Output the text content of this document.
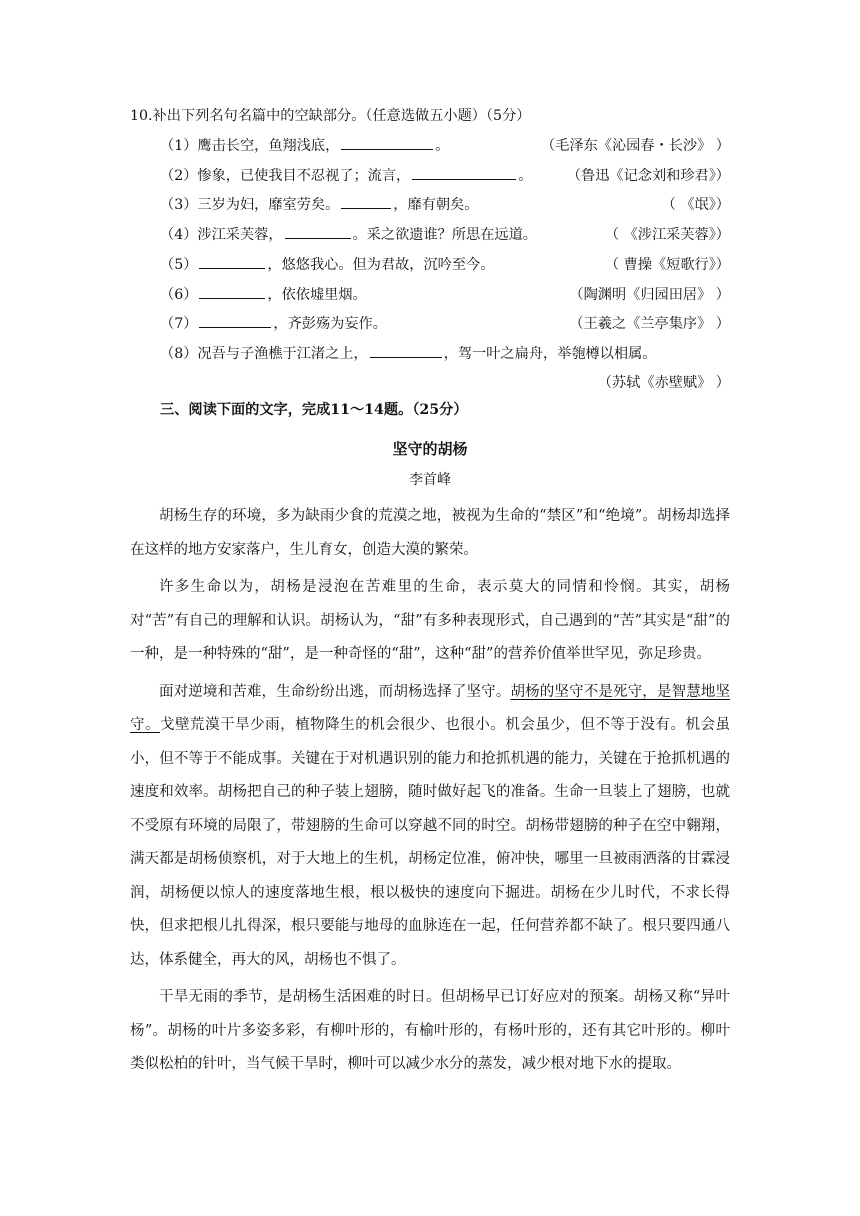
10.补出下列名句名篇中的空缺部分。（任意选做五小题）（5分）
（1）鹰击长空，鱼翔浅底，	。	（毛泽东《沁园春・长沙》 ）
（2）惨象，已使我目不忍视了；流言，	。 （鲁迅《记念刘和珍君》）
（3）三岁为妇，靡室劳矣。	，靡有朝矣。	（ 《氓》）
（4）涉江采芙蓉，	。采之欲遗谁？所思在远道。	（ 《涉江采芙蓉》）
（5）	，悠悠我心。但为君故，沉吟至今。	（ 曹操《短歌行》）
（6）	，依依墟里烟。	（陶渊明《归园田居》 ）
（7）	，齐彭殇为妄作。	（王羲之《兰亭集序》 ）
（8）况吾与子渔樵于江渚之上，	，驾一叶之扁舟，举匏樽以相属。
（苏轼《赤壁赋》 ）
三、阅读下面的文字，完成11～14题。（25分）
坚守的胡杨
李首峰

胡杨生存的环境，多为缺雨少食的荒漠之地，被视为生命的“禁区”和“绝境”。胡杨却选择在这样的地方安家落户，生儿育女，创造大漠的繁荣。

许多生命以为，胡杨是浸泡在苦难里的生命，表示莫大的同情和怜悯。其实，胡杨对“苦”有自己的理解和认识。胡杨认为，“甜”有多种表现形式，自己遇到的“苦”其实是“甜”的一种，是一种特殊的“甜”，是一种奇怪的“甜”，这种“甜”的营养价值举世罕见，弥足珍贵。

面对逆境和苦难，生命纷纷出逃，而胡杨选择了坚守。胡杨的坚守不是死守，是智慧地坚守。戈壁荒漠干旱少雨，植物降生的机会很少、也很小。机会虽少，但不等于没有。机会虽小，但不等于不能成事。关键在于对机遇识别的能力和抢抓机遇的能力，关键在于抢抓机遇的速度和效率。胡杨把自己的种子装上翅膀，随时做好起飞的准备。生命一旦装上了翅膀，也就不受原有环境的局限了，带翅膀的生命可以穿越不同的时空。胡杨带翅膀的种子在空中翱翔，满天都是胡杨侦察机，对于大地上的生机，胡杨定位准，俯冲快，哪里一旦被雨洒落的甘霖浸润，胡杨便以惊人的速度落地生根，根以极快的速度向下掘进。胡杨在少儿时代，不求长得快，但求把根儿扎得深，根只要能与地母的血脉连在一起，任何营养都不缺了。根只要四通八达，体系健全，再大的风，胡杨也不惧了。

干旱无雨的季节，是胡杨生活困难的时日。但胡杨早已订好应对的预案。胡杨又称“异叶杨”。胡杨的叶片多姿多彩，有柳叶形的，有榆叶形的，有杨叶形的，还有其它叶形的。柳叶类似松柏的针叶，当气候干旱时，柳叶可以减少水分的蒸发，减少根对地下水的提取。
